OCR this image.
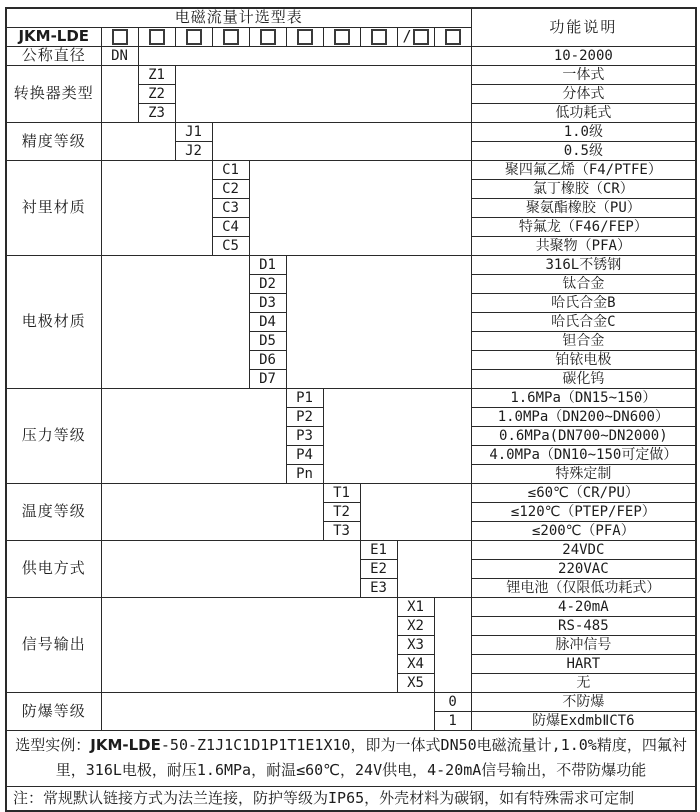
电磁流量计选型表											功能说明
JKM-LDE									/		
公称直径	DN										10-2000
转换器类型		Z1									一体式
		Z2									分体式
		Z3									低功耗式
精度等级			J1								1.0级
			J2								0.5级
衬里材质				C1							聚四氟乙烯（F4/PTFE）
				C2							氯丁橡胶（CR）
				C3							聚氨酯橡胶（PU）
				C4							特氟龙（F46/FEP）
				C5							共聚物（PFA）
电极材质					D1						316L不锈钢
					D2						钛合金
					D3						哈氏合金B
					D4						哈氏合金C
					D5						钽合金
					D6						铂铱电极
					D7						碳化钨
压力等级						P1					1.6MPa（DN15~150）
						P2					1.0MPa（DN200~DN600）
						P3					0.6MPa(DN700~DN2000)
						P4					4.0MPa（DN10~150可定做）
						Pn					特殊定制
温度等级							T1				≤60℃（CR/PU）
							T2				≤120℃（PTEP/FEP）
							T3				≤200℃（PFA）
供电方式								E1			24VDC
								E2			220VAC
								E3			锂电池（仅限低功耗式）
信号输出									X1		4-20mA
									X2		RS-485
									X3		脉冲信号
									X4		HART
									X5		无
防爆等级										0	不防爆
										1	防爆ExdmbⅡCT6
选型实例：JKM-LDE-50-Z1J1C1D1P1T1E1X10，即为一体式DN50电磁流量计,1.0%精度，四氟衬里，316L电极，耐压1.6MPa，耐温≤60℃，24V供电，4-20mA信号输出，不带防爆功能											
注：常规默认链接方式为法兰连接，防护等级为IP65，外壳材料为碳钢，如有特殊需求可定制											
